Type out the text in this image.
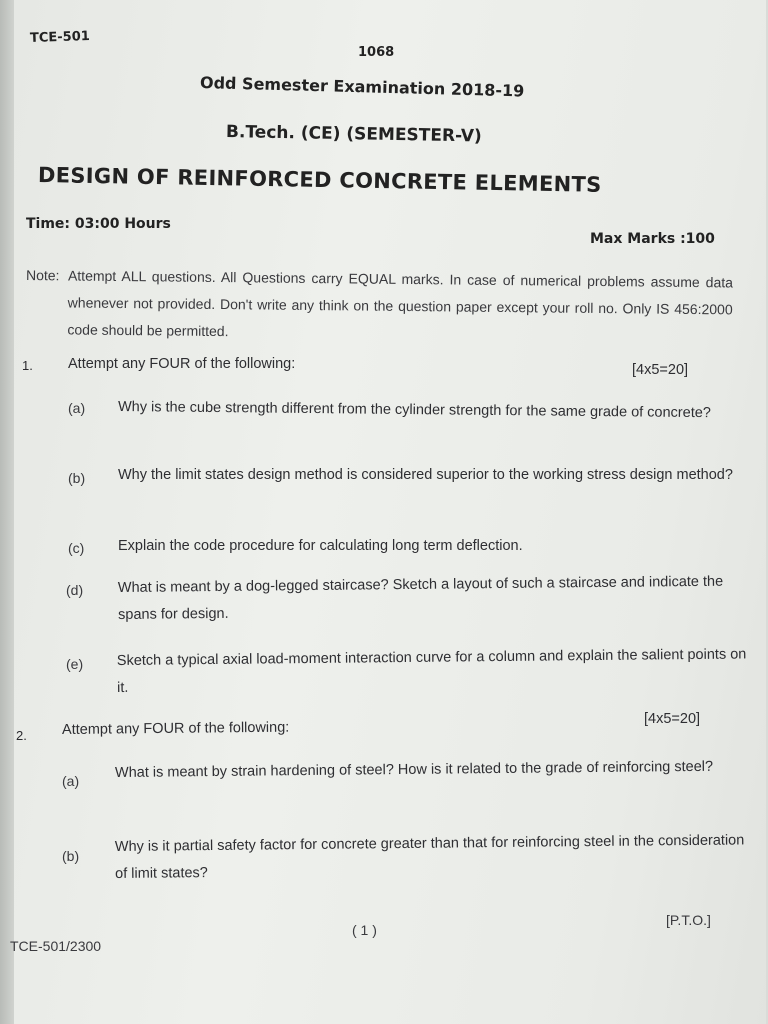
TCE-501
1068
Odd Semester Examination 2018-19
B.Tech. (CE) (SEMESTER-V)
DESIGN OF REINFORCED CONCRETE ELEMENTS
Time: 03:00 Hours
Max Marks :100
Note: Attempt ALL questions. All Questions carry EQUAL marks. In case of numerical problems assume data whenever not provided. Don't write any think on the question paper except your roll no. Only IS 456:2000 code should be permitted.
1. Attempt any FOUR of the following:	[4x5=20]
(a) Why is the cube strength different from the cylinder strength for the same grade of concrete?
(b) Why the limit states design method is considered superior to the working stress design method?
(c) Explain the code procedure for calculating long term deflection.
(d) What is meant by a dog-legged staircase? Sketch a layout of such a staircase and indicate the spans for design.
(e) Sketch a typical axial load-moment interaction curve for a column and explain the salient points on it.
2. Attempt any FOUR of the following:
[4x5=20]
(a)
What is meant by strain hardening of steel? How is it related to the grade of reinforcing steel?
(b)
Why is it partial safety factor for concrete greater than that for reinforcing steel in the consideration of limit states?
( 1 )
[P.T.O.]
TCE-501/2300
